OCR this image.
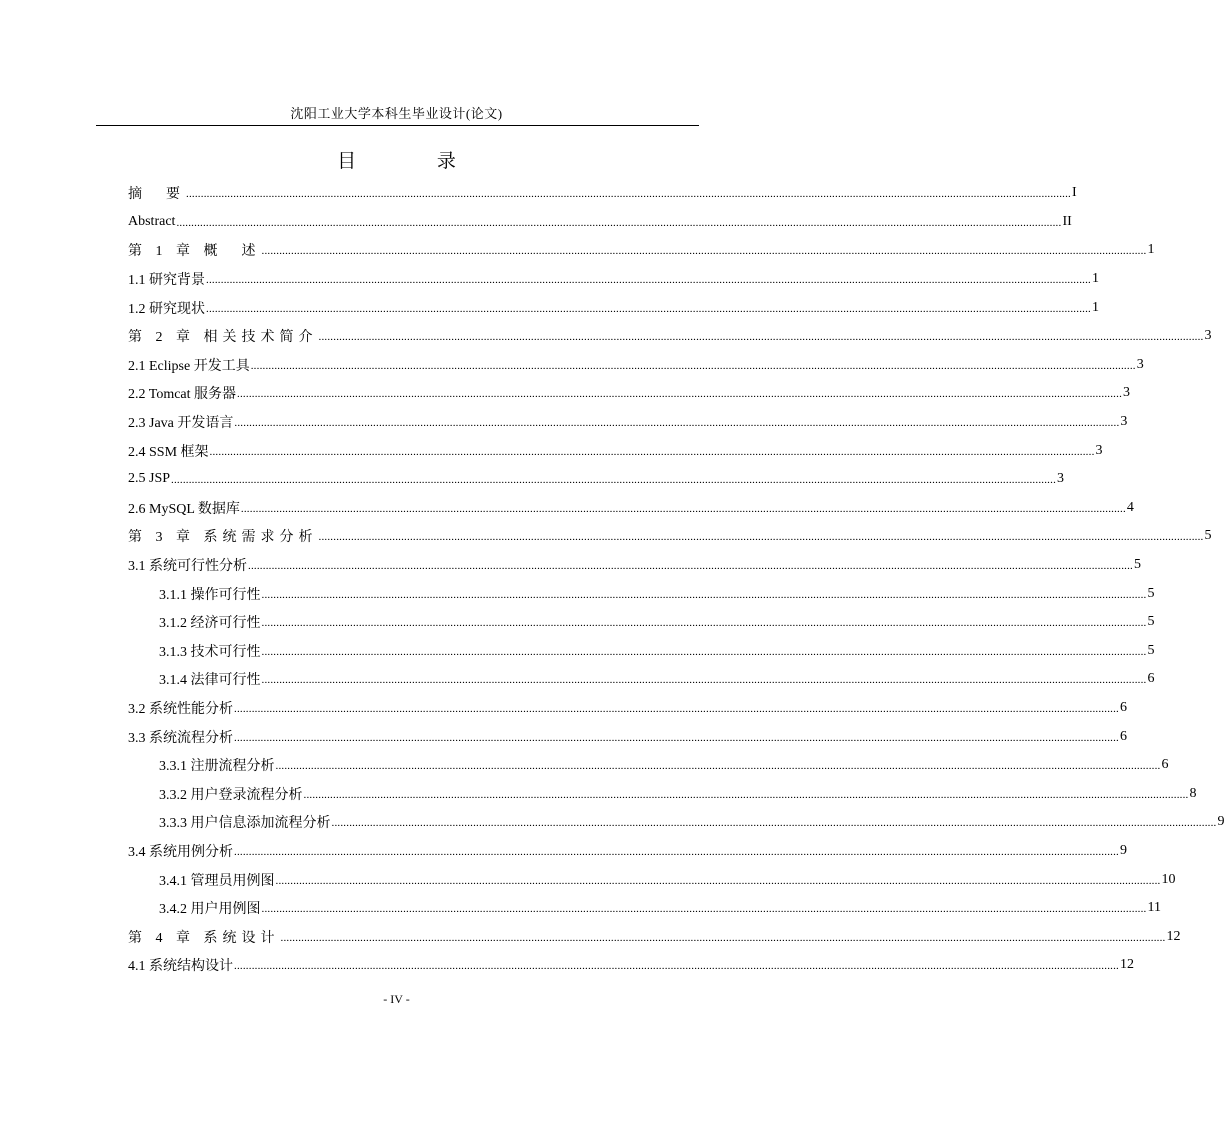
沈阳工业大学本科生毕业设计(论文)
目 录
摘　要 ............................................................................................................................................................................................................................................................................................................ I
Abstract ............................................................................................................................................................................................................................................................................................................ II
第 1 章 概　述 ............................................................................................................................................................................................................................................................................................................ 1
1.1 研究背景 ............................................................................................................................................................................................................................................................................................................ 1
1.2 研究现状 ............................................................................................................................................................................................................................................................................................................ 1
第 2 章 相关技术简介 ............................................................................................................................................................................................................................................................................................................ 3
2.1 Eclipse 开发工具 ............................................................................................................................................................................................................................................................................................................ 3
2.2 Tomcat 服务器 ............................................................................................................................................................................................................................................................................................................ 3
2.3 Java 开发语言 ............................................................................................................................................................................................................................................................................................................ 3
2.4 SSM 框架 ............................................................................................................................................................................................................................................................................................................ 3
2.5 JSP ............................................................................................................................................................................................................................................................................................................ 3
2.6 MySQL 数据库 ............................................................................................................................................................................................................................................................................................................ 4
第 3 章 系统需求分析 ............................................................................................................................................................................................................................................................................................................ 5
3.1 系统可行性分析 ............................................................................................................................................................................................................................................................................................................ 5
3.1.1 操作可行性 ............................................................................................................................................................................................................................................................................................................ 5
3.1.2 经济可行性 ............................................................................................................................................................................................................................................................................................................ 5
3.1.3 技术可行性 ............................................................................................................................................................................................................................................................................................................ 5
3.1.4 法律可行性 ............................................................................................................................................................................................................................................................................................................ 6
3.2 系统性能分析 ............................................................................................................................................................................................................................................................................................................ 6
3.3 系统流程分析 ............................................................................................................................................................................................................................................................................................................ 6
3.3.1 注册流程分析 ............................................................................................................................................................................................................................................................................................................ 6
3.3.2 用户登录流程分析 ............................................................................................................................................................................................................................................................................................................ 8
3.3.3 用户信息添加流程分析 ............................................................................................................................................................................................................................................................................................................ 9
3.4 系统用例分析 ............................................................................................................................................................................................................................................................................................................ 9
3.4.1 管理员用例图 ............................................................................................................................................................................................................................................................................................................ 10
3.4.2 用户用例图 ............................................................................................................................................................................................................................................................................................................ 11
第 4 章 系统设计 ............................................................................................................................................................................................................................................................................................................ 12
4.1 系统结构设计 ............................................................................................................................................................................................................................................................................................................ 12
- IV -
